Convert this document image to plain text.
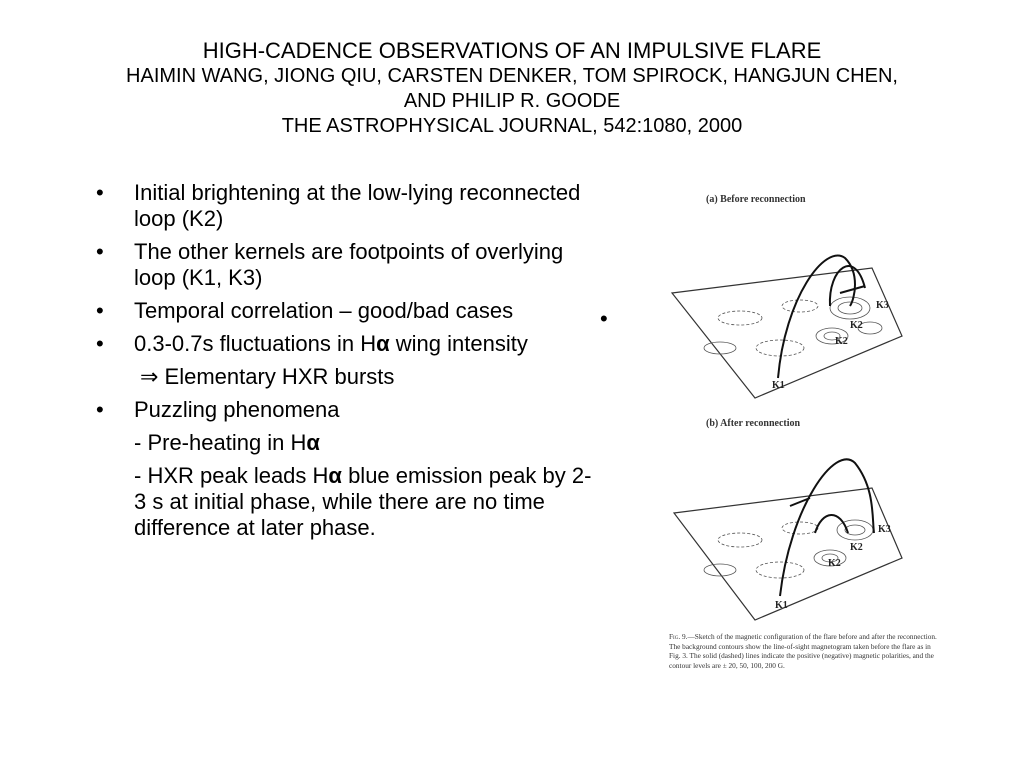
HIGH-CADENCE OBSERVATIONS OF AN IMPULSIVE FLARE
HAIMIN WANG, JIONG QIU, CARSTEN DENKER, TOM SPIROCK, HANGJUN CHEN,
AND PHILIP R. GOODE
THE ASTROPHYSICAL JOURNAL, 542:1080, 2000
•	Initial brightening at the low-lying reconnected loop (K2)
•	The other kernels are footpoints of overlying loop (K1, K3)
•	Temporal correlation – good/bad cases
•	0.3-0.7s fluctuations in Hα wing intensity
⇒ Elementary HXR bursts
•	Puzzling phenomena
- Pre-heating in Hα
- HXR peak leads Hα blue emission peak by 2-3 s at initial phase, while there are no time difference at later phase.
•
(a) Before reconnection
K1
K2
K2
K3
(b) After reconnection
K1
K2
K2
K3
Fig. 9.—Sketch of the magnetic configuration of the flare before and after the reconnection. The background contours show the line-of-sight magnetogram taken before the flare as in Fig. 3. The solid (dashed) lines indicate the positive (negative) magnetic polarities, and the contour levels are ± 20, 50, 100, 200 G.
